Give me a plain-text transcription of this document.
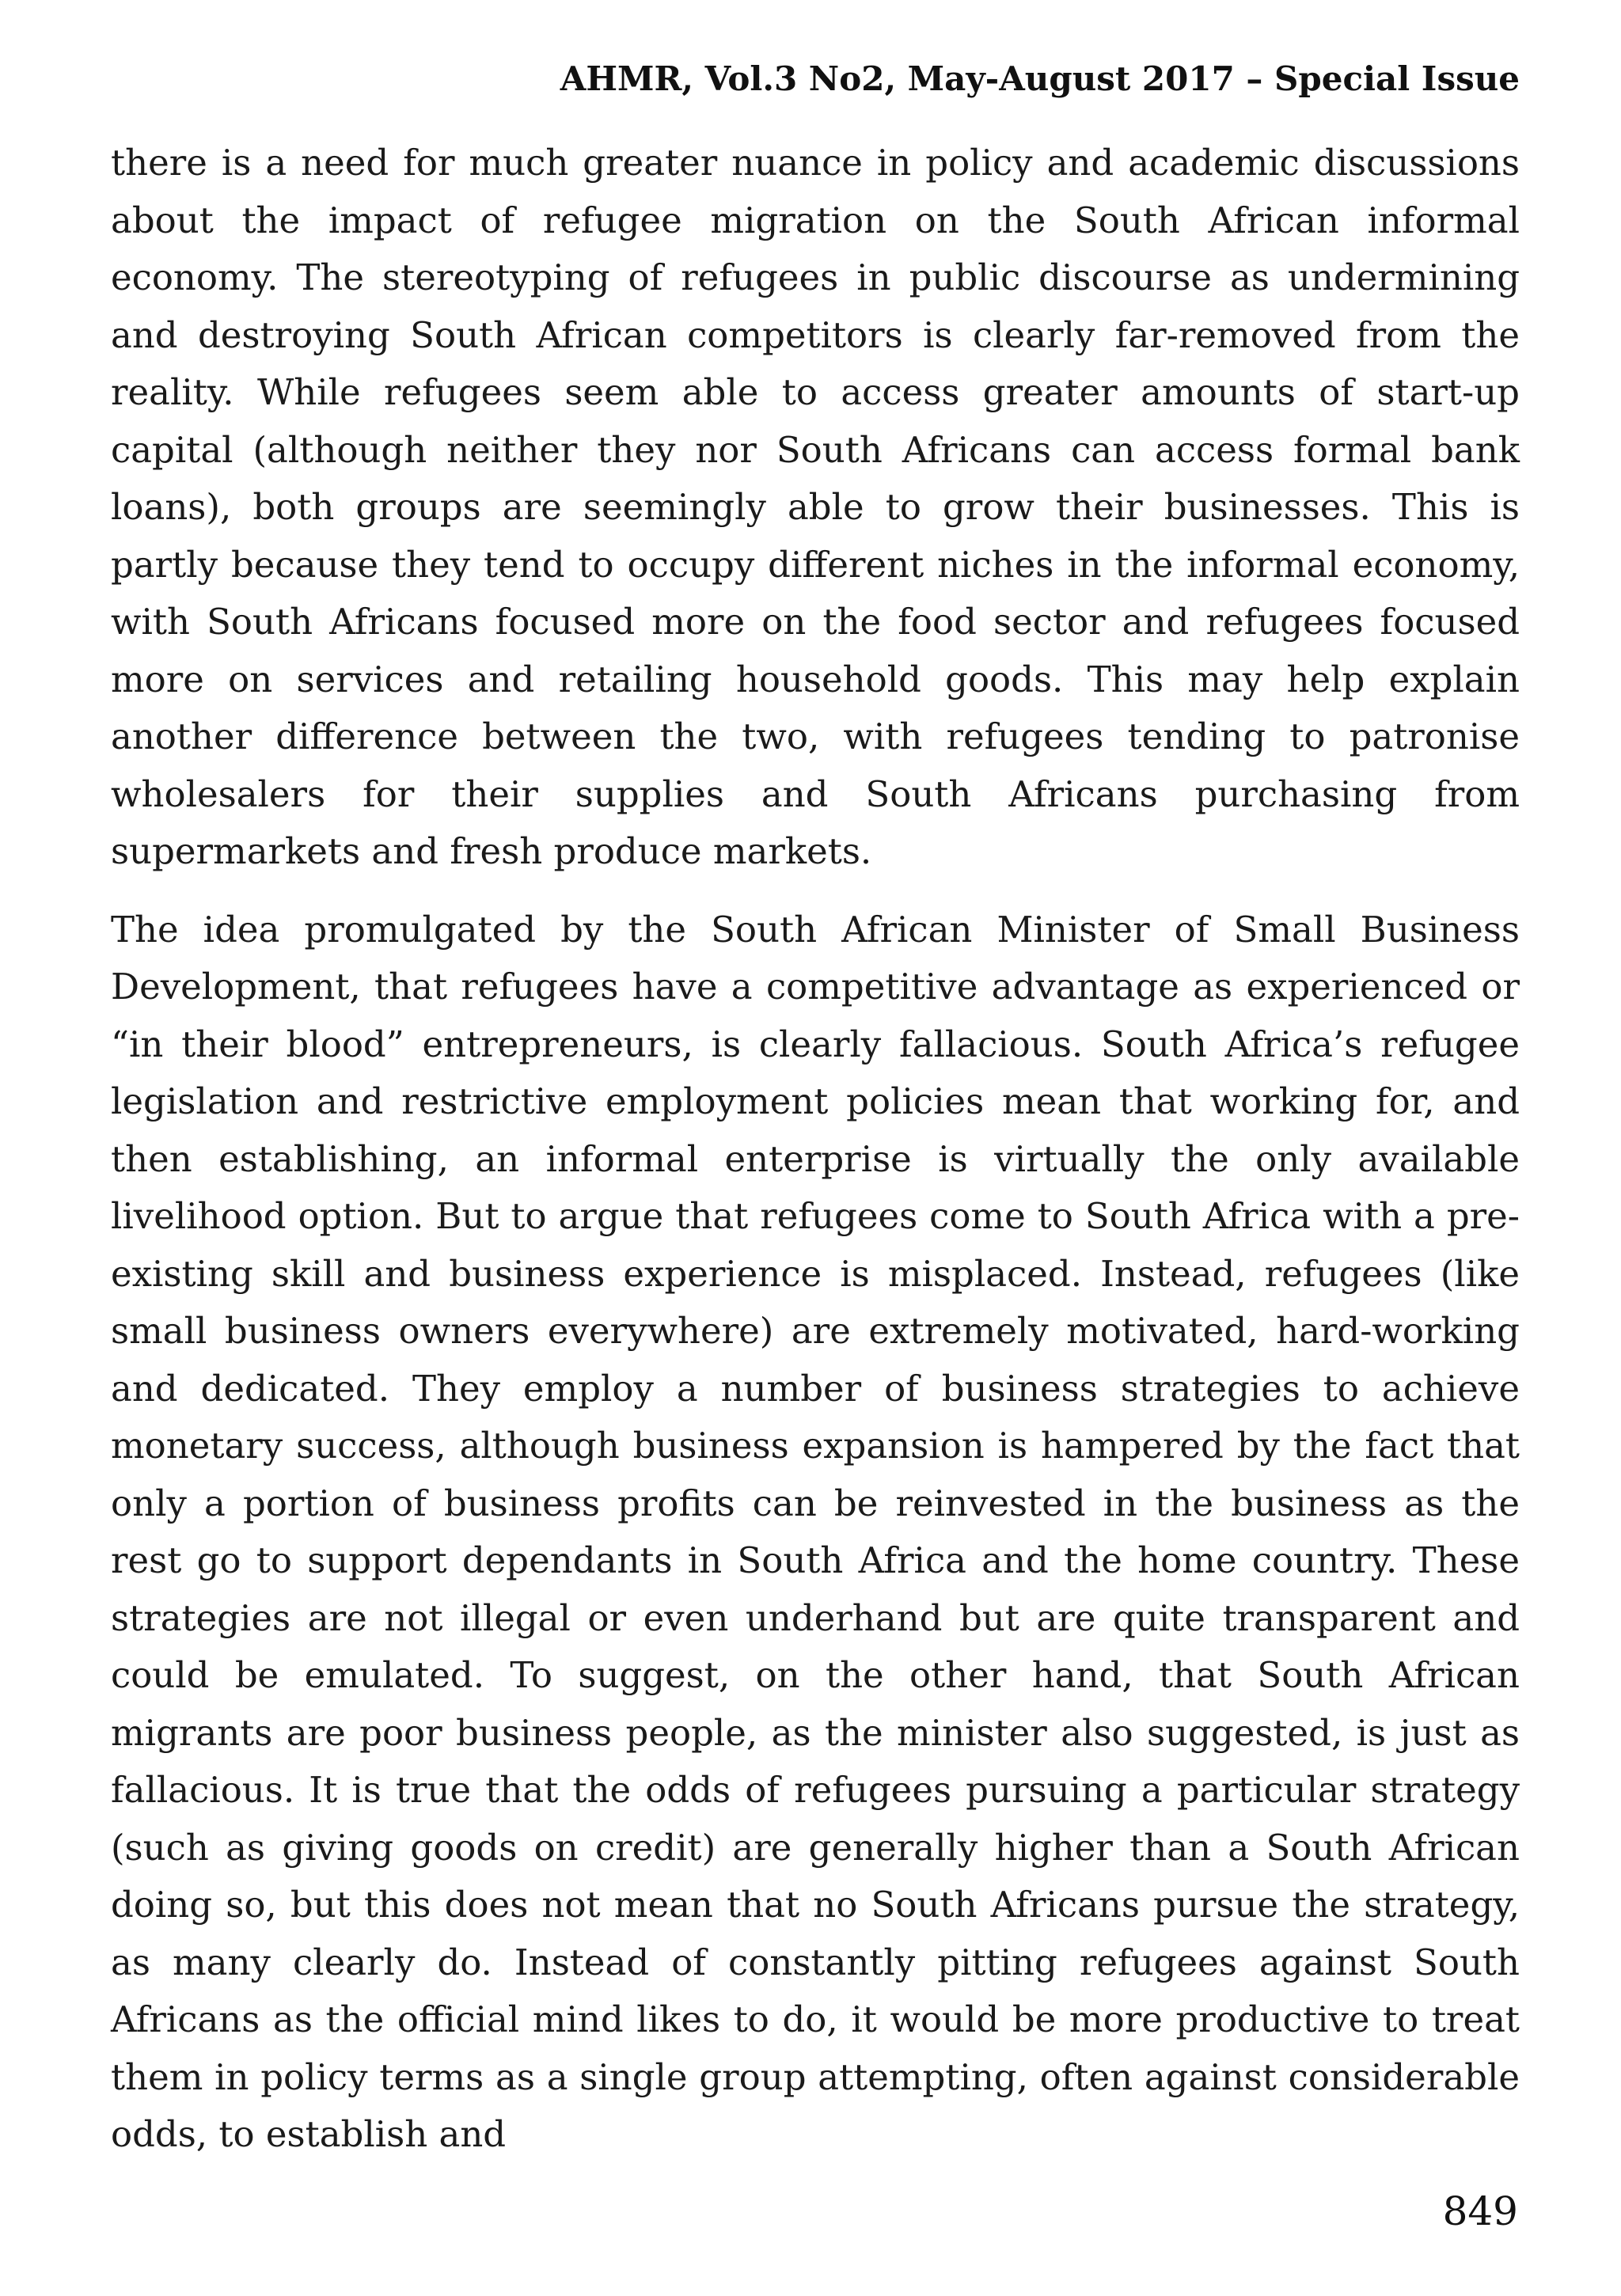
AHMR, Vol.3 No2, May-August 2017 – Special Issue

there is a need for much greater nuance in policy and academic discussions about the impact of refugee migration on the South African informal economy. The stereotyping of refugees in public discourse as undermining and destroying South African competitors is clearly far-removed from the reality. While refugees seem able to access greater amounts of start-up capital (although neither they nor South Africans can access formal bank loans), both groups are seemingly able to grow their businesses. This is partly because they tend to occupy different niches in the informal economy, with South Africans focused more on the food sector and refugees focused more on services and retailing household goods. This may help explain another difference between the two, with refugees tending to patronise wholesalers for their supplies and South Africans purchasing from supermarkets and fresh produce markets.

The idea promulgated by the South African Minister of Small Business Development, that refugees have a competitive advantage as experienced or “in their blood” entrepreneurs, is clearly fallacious. South Africa’s refugee legislation and restrictive employment policies mean that working for, and then establishing, an informal enterprise is virtually the only available livelihood option. But to argue that refugees come to South Africa with a pre-existing skill and business experience is misplaced. Instead, refugees (like small business owners everywhere) are extremely motivated, hard-working and dedicated. They employ a number of business strategies to achieve monetary success, although business expansion is hampered by the fact that only a portion of business profits can be reinvested in the business as the rest go to support dependants in South Africa and the home country. These strategies are not illegal or even underhand but are quite transparent and could be emulated. To suggest, on the other hand, that South African migrants are poor business people, as the minister also suggested, is just as fallacious. It is true that the odds of refugees pursuing a particular strategy (such as giving goods on credit) are generally higher than a South African doing so, but this does not mean that no South Africans pursue the strategy, as many clearly do. Instead of constantly pitting refugees against South Africans as the official mind likes to do, it would be more productive to treat them in policy terms as a single group attempting, often against considerable odds, to establish and

849
